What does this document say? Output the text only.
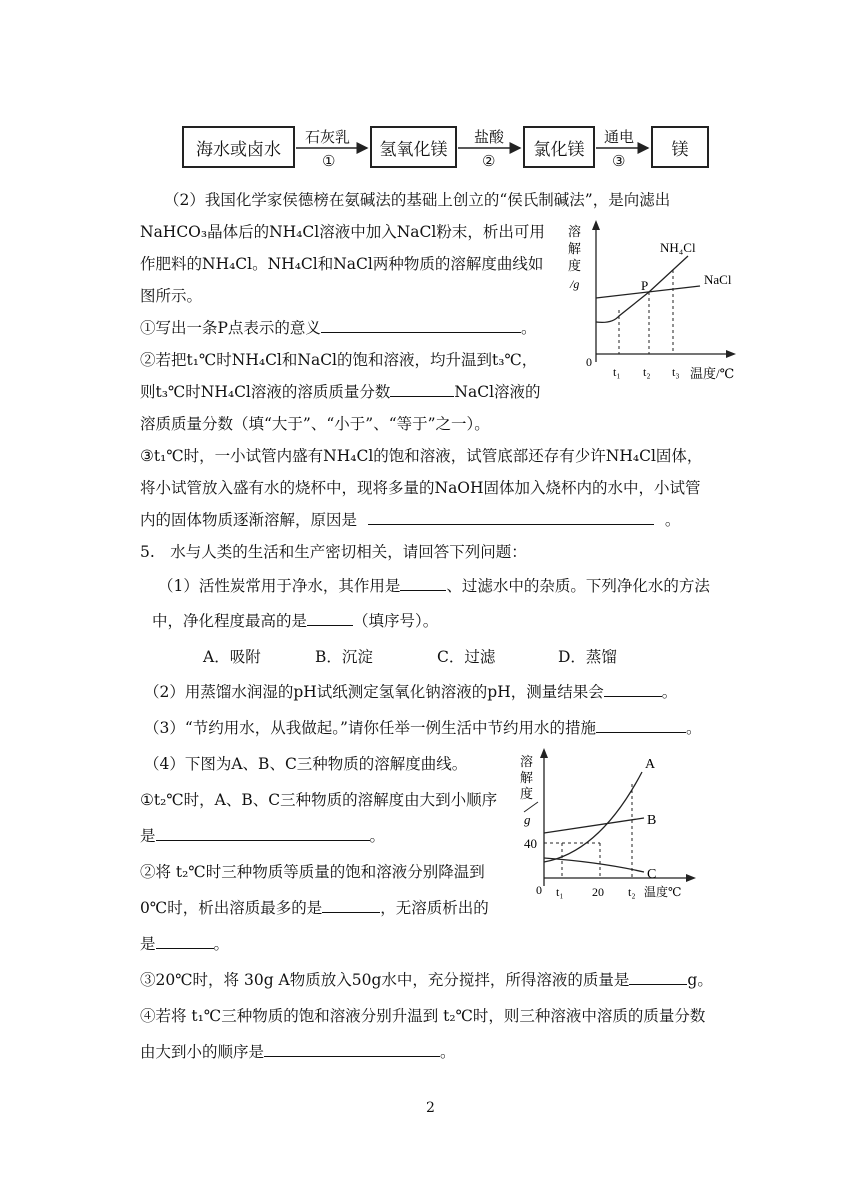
海水或卤水	氢氧化镁	氯化镁	镁
石灰乳
①
盐酸
②
通电
③
（2）我国化学家侯德榜在氨碱法的基础上创立的“侯氏制碱法”，是向滤出
NaHCO₃晶体后的NH₄Cl溶液中加入NaCl粉末，析出可用
作肥料的NH₄Cl。NH₄Cl和NaCl两种物质的溶解度曲线如
图所示。
①写出一条P点表示的意义	。
②若把t₁℃时NH₄Cl和NaCl的饱和溶液，均升温到t₃℃，
则t₃℃时NH₄Cl溶液的溶质质量分数	NaCl溶液的
溶质质量分数（填“大于”、“小于”、“等于”之一）。
③t₁℃时，一小试管内盛有NH₄Cl的饱和溶液，试管底部还存有少许NH₄Cl固体，
将小试管放入盛有水的烧杯中，现将多量的NaOH固体加入烧杯内的水中，小试管
内的固体物质逐渐溶解，原因是	。
溶
解
度
/g
0
温度/℃
t₁ t₂ t₃
P
NH₄Cl
NaCl
5.　水与人类的生活和生产密切相关，请回答下列问题：
（1）活性炭常用于净水，其作用是	、过滤水中的杂质。下列净化水的方法
中，净化程度最高的是	（填序号）。
A．吸附	B．沉淀	C．过滤	D．蒸馏
（2）用蒸馏水润湿的pH试纸测定氢氧化钠溶液的pH，测量结果会	。
（3）“节约用水，从我做起。”请你任举一例生活中节约用水的措施	。
（4）下图为A、B、C三种物质的溶解度曲线。
①t₂℃时，A、B、C三种物质的溶解度由大到小顺序
是	。
②将 t₂℃时三种物质等质量的饱和溶液分别降温到
0℃时，析出溶质最多的是	，无溶质析出的
是	。
③20℃时，将 30g A物质放入50g水中，充分搅拌，所得溶液的质量是	g。
④若将 t₁℃三种物质的饱和溶液分别升温到 t₂℃时，则三种溶液中溶质的质量分数
由大到小的顺序是	。
溶
解
度
g
40
0	温度℃
t₁ 20 t₂
A
B
C
2
